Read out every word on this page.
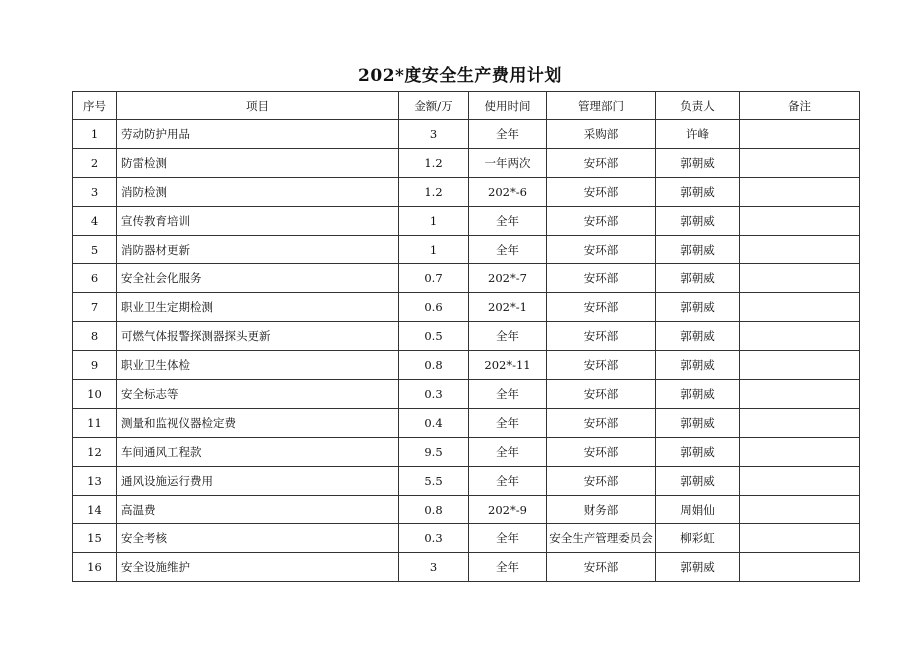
202*度安全生产费用计划
序号	项目	金额/万	使用时间	管理部门	负责人	备注
1	劳动防护用品	3	全年	采购部	许峰	
2	防雷检测	1.2	一年两次	安环部	郭朝威	
3	消防检测	1.2	202*-6	安环部	郭朝威	
4	宣传教育培训	1	全年	安环部	郭朝威	
5	消防器材更新	1	全年	安环部	郭朝威	
6	安全社会化服务	0.7	202*-7	安环部	郭朝威	
7	职业卫生定期检测	0.6	202*-1	安环部	郭朝威	
8	可燃气体报警探测器探头更新	0.5	全年	安环部	郭朝威	
9	职业卫生体检	0.8	202*-11	安环部	郭朝威	
10	安全标志等	0.3	全年	安环部	郭朝威	
11	测量和监视仪器检定费	0.4	全年	安环部	郭朝威	
12	车间通风工程款	9.5	全年	安环部	郭朝威	
13	通风设施运行费用	5.5	全年	安环部	郭朝威	
14	高温费	0.8	202*-9	财务部	周娟仙	
15	安全考核	0.3	全年	安全生产管理委员会	柳彩虹	
16	安全设施维护	3	全年	安环部	郭朝威	
